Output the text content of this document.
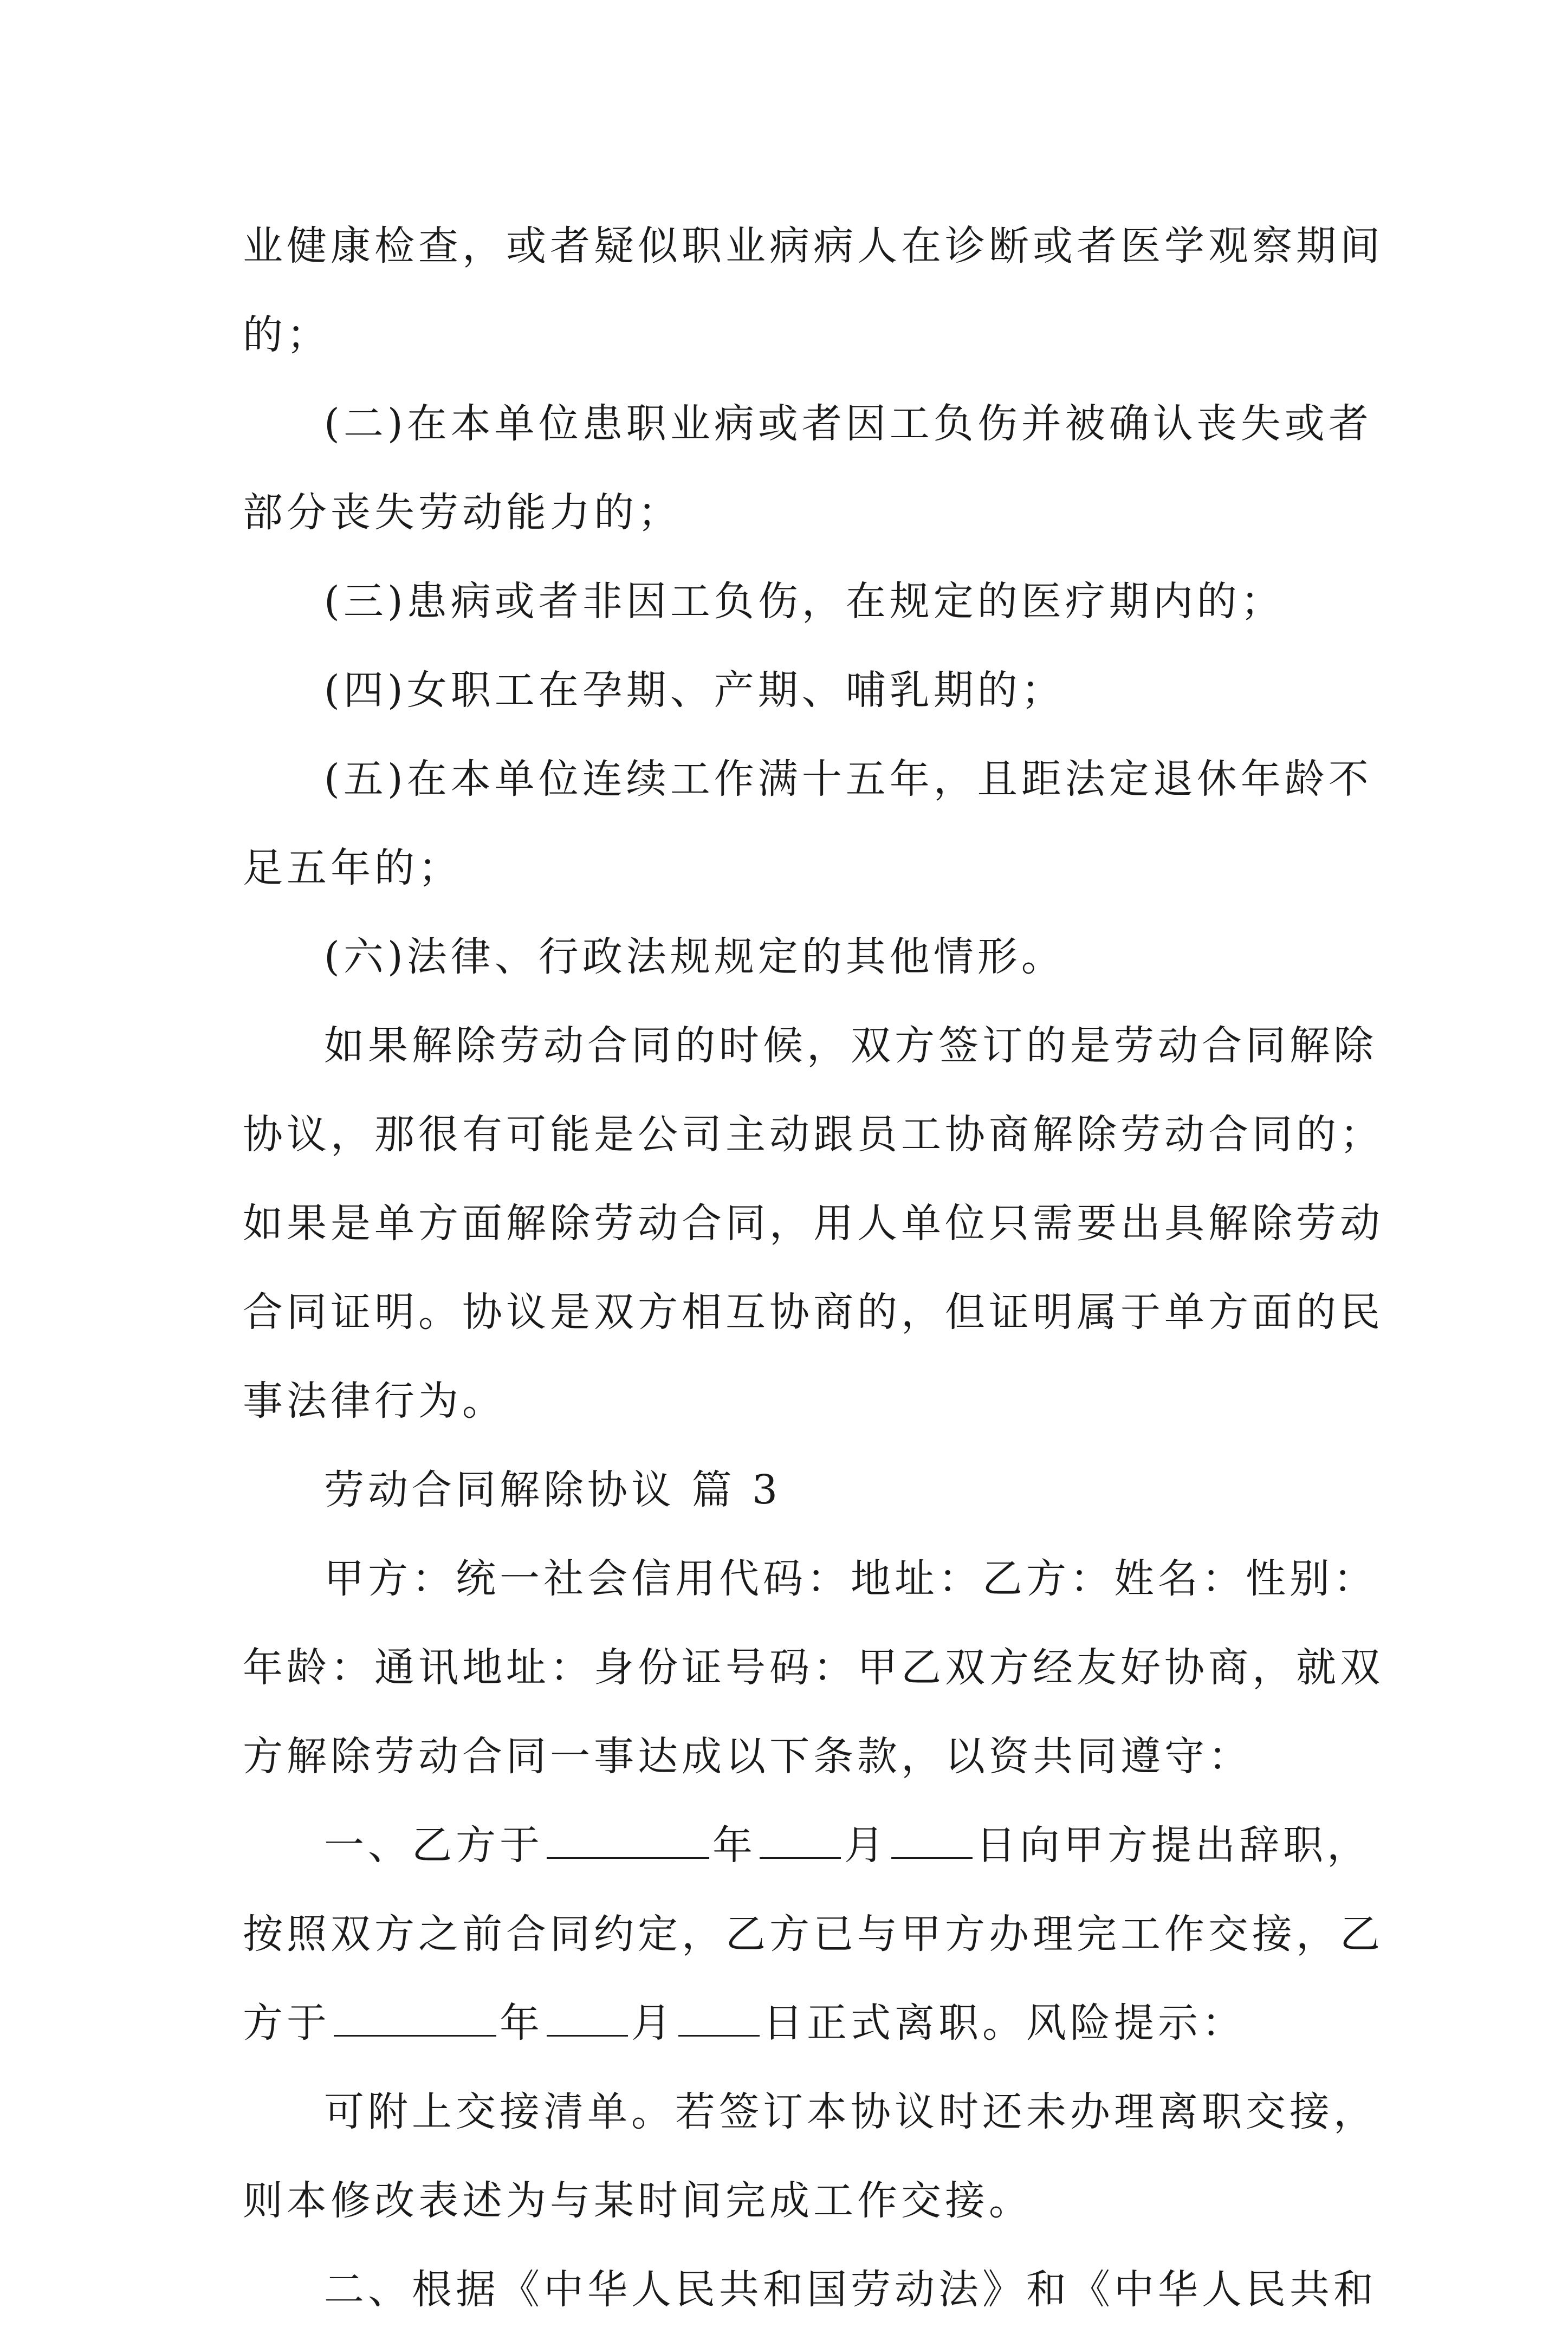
业健康检查，或者疑似职业病病人在诊断或者医学观察期间
的；
(二)在本单位患职业病或者因工负伤并被确认丧失或者
部分丧失劳动能力的；
(三)患病或者非因工负伤，在规定的医疗期内的；
(四)女职工在孕期、产期、哺乳期的；
(五)在本单位连续工作满十五年，且距法定退休年龄不
足五年的；
(六)法律、行政法规规定的其他情形。
如果解除劳动合同的时候，双方签订的是劳动合同解除
协议，那很有可能是公司主动跟员工协商解除劳动合同的；
如果是单方面解除劳动合同，用人单位只需要出具解除劳动
合同证明。协议是双方相互协商的，但证明属于单方面的民
事法律行为。
劳动合同解除协议 篇 3
甲方：统一社会信用代码：地址：乙方：姓名：性别：
年龄：通讯地址：身份证号码：甲乙双方经友好协商，就双
方解除劳动合同一事达成以下条款，以资共同遵守：
一、乙方于	年 月 日向甲方提出辞职，
按照双方之前合同约定，乙方已与甲方办理完工作交接，乙
方于	年 月 日正式离职。风险提示：
可附上交接清单。若签订本协议时还未办理离职交接，
则本修改表述为与某时间完成工作交接。
二、根据《中华人民共和国劳动法》和《中华人民共和
